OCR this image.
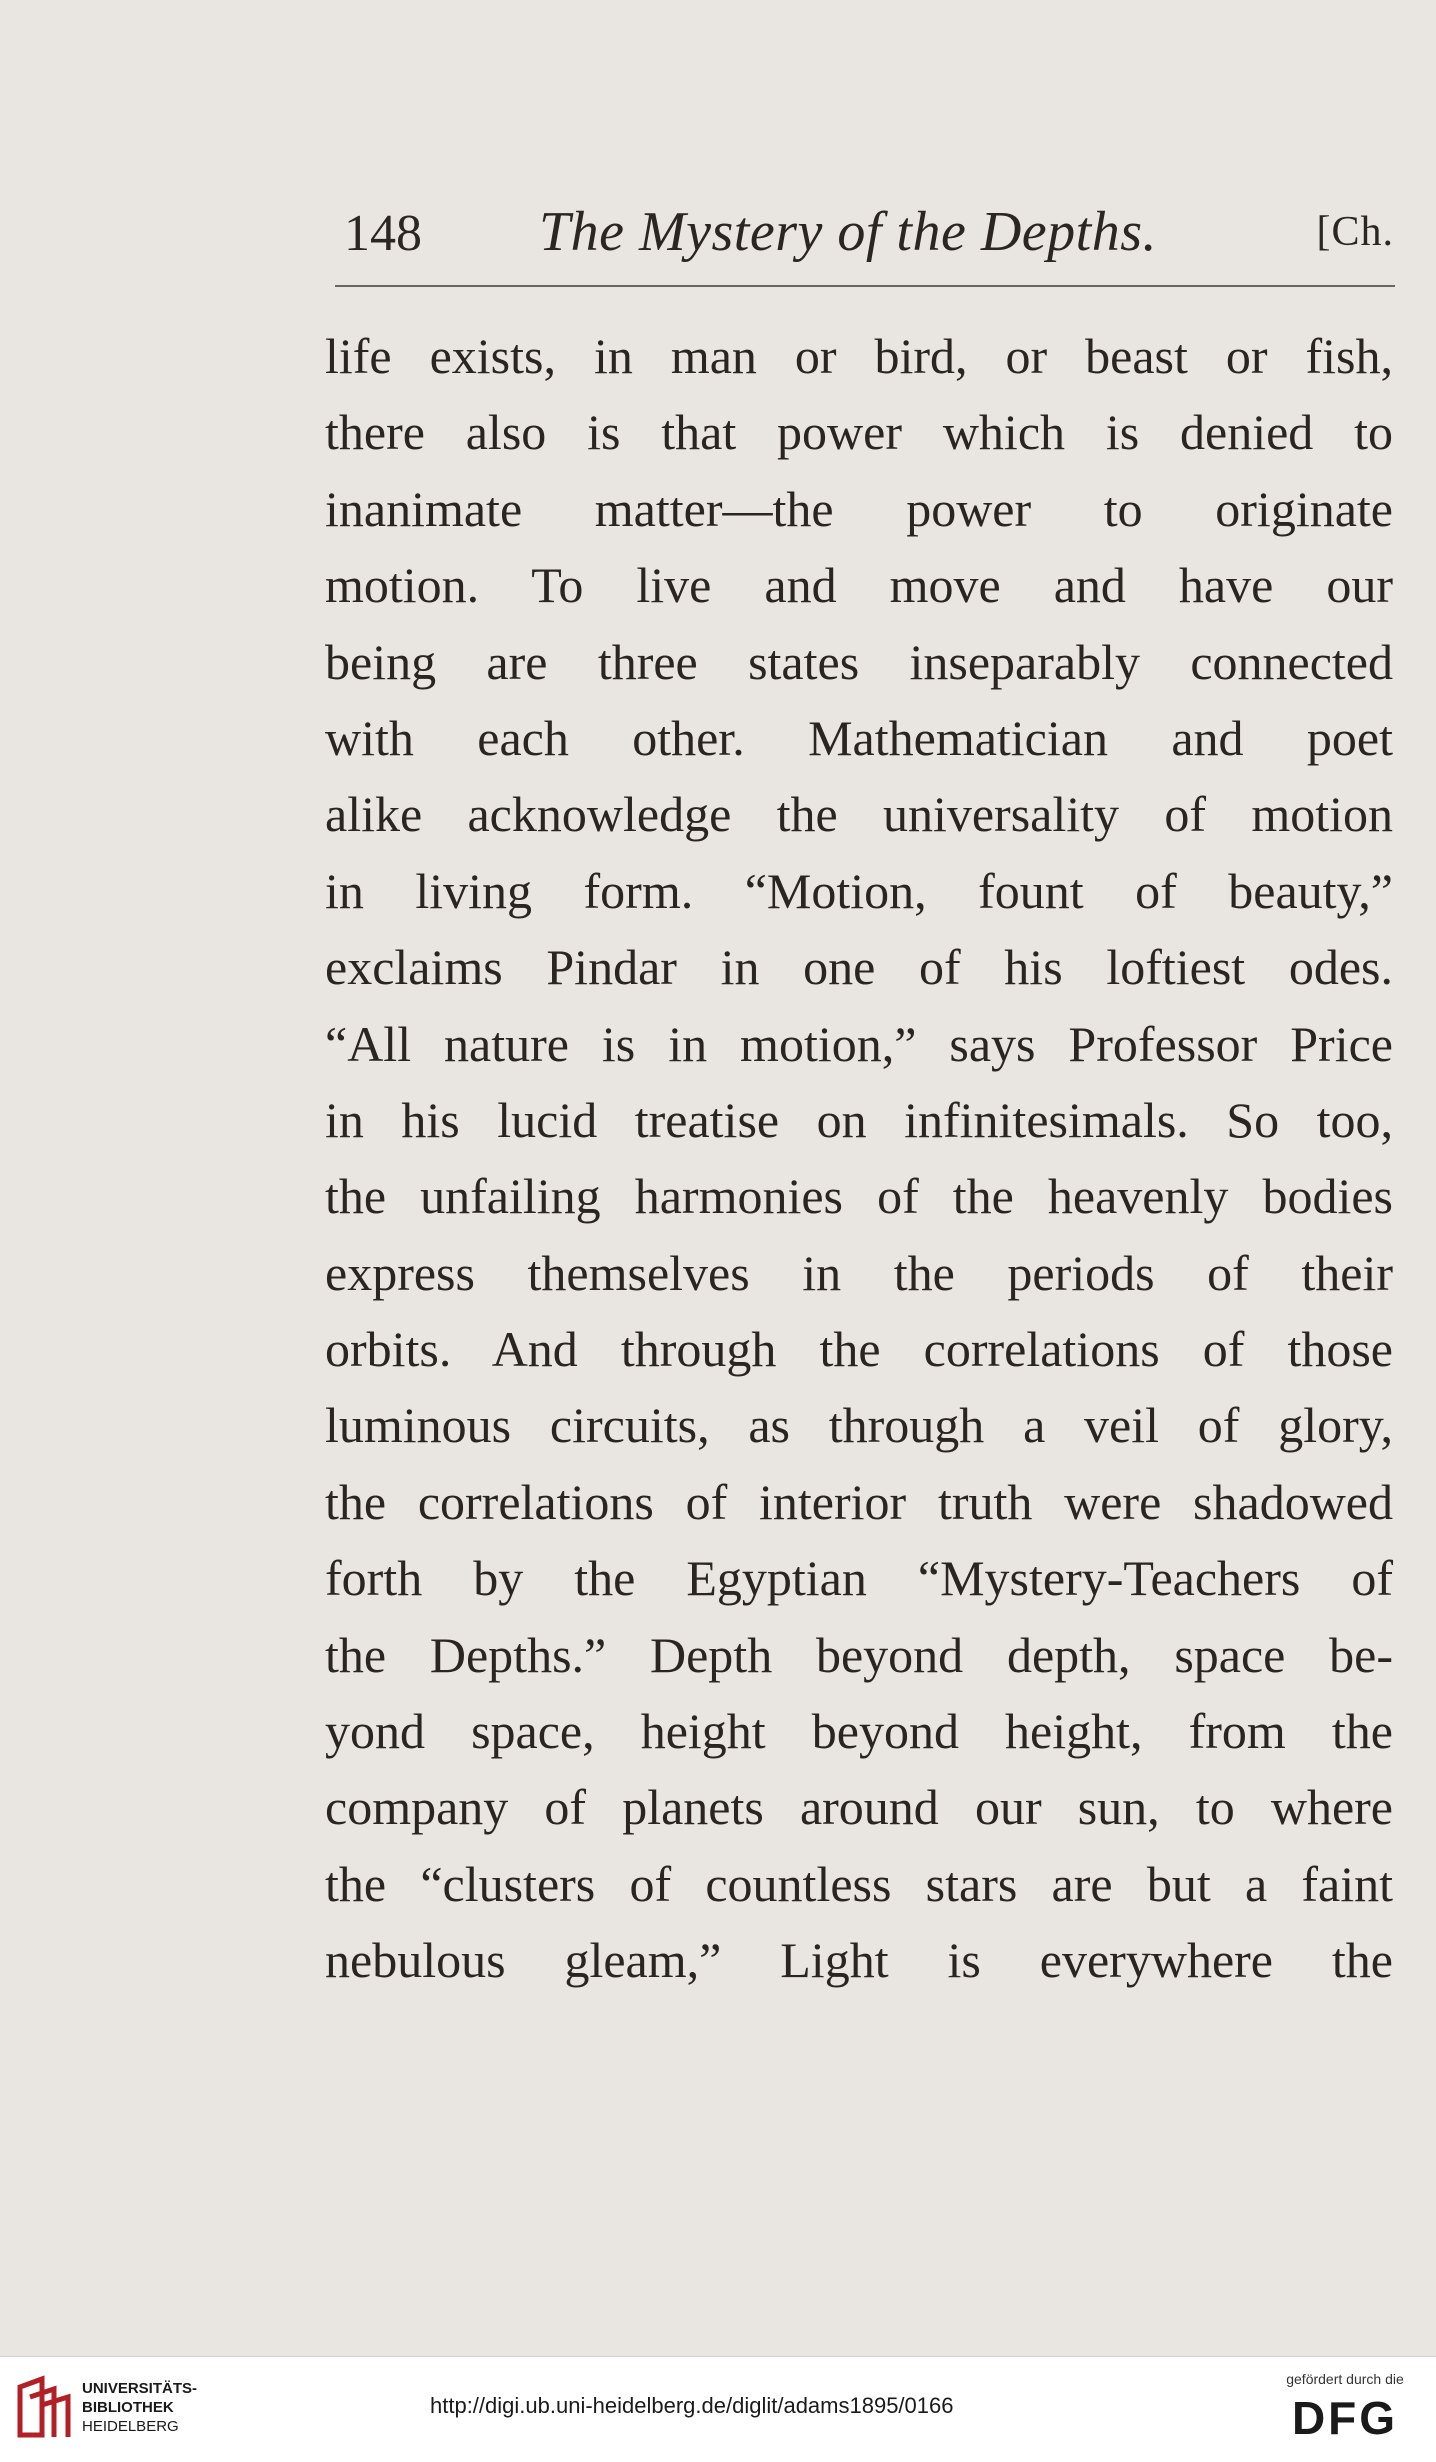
148 The Mystery of the Depths.	[Ch.
life exists, in man or bird, or beast or fish,
there also is that power which is denied to
inanimate matter—the power to originate
motion. To live and move and have our
being are three states inseparably connected
with each other. Mathematician and poet
alike acknowledge the universality of motion
in living form. “Motion, fount of beauty,”
exclaims Pindar in one of his loftiest odes.
“All nature is in motion,” says Professor Price
in his lucid treatise on infinitesimals. So too,
the unfailing harmonies of the heavenly bodies
express themselves in the periods of their
orbits. And through the correlations of those
luminous circuits, as through a veil of glory,
the correlations of interior truth were shadowed
forth by the Egyptian “Mystery-Teachers of
the Depths.” Depth beyond depth, space be-
yond space, height beyond height, from the
company of planets around our sun, to where
the “clusters of countless stars are but a faint
nebulous gleam,” Light is everywhere the
UNIVERSITÄTS-
BIBLIOTHEK
HEIDELBERG
http://digi.ub.uni-heidelberg.de/diglit/adams1895/0166
gefördert durch die
DFG
